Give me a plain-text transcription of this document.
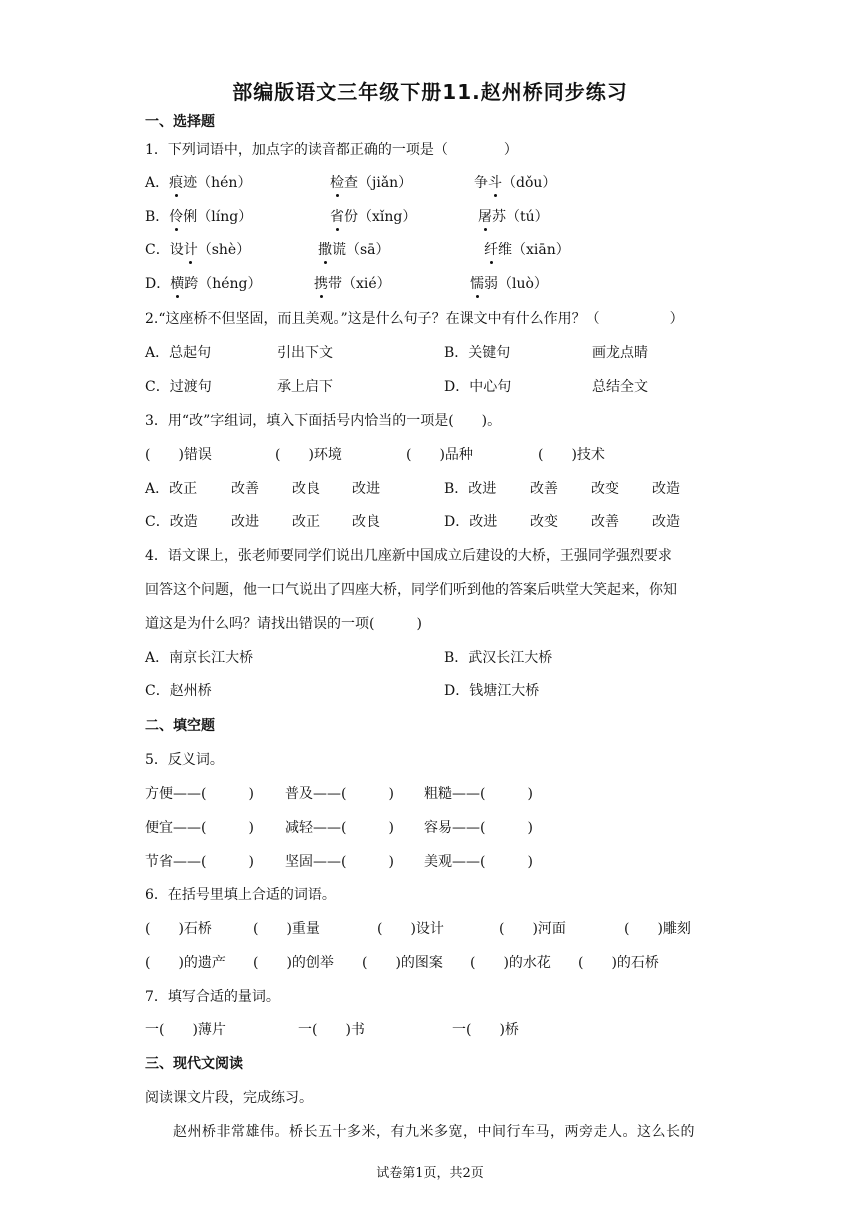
部编版语文三年级下册11.赵州桥同步练习
一、选择题
1．下列词语中，加点字的读音都正确的一项是（　　　　）
A．痕迹（hén）	检查（jiǎn）	争斗（dǒu）
B．伶俐（líng）	省份（xǐng）	屠苏（tú）
C．设计（shè）	撒谎（sā）	纤维（xiān）
D．横跨（héng）	携带（xié）	懦弱（luò）
2.“这座桥不但坚固，而且美观。”这是什么句子？在课文中有什么作用？（　　　　　）
A．总起句	引出下文	B．关键句	画龙点睛
C．过渡句	承上启下	D．中心句	总结全文
3．用“改”字组词，填入下面括号内恰当的一项是(　　)。
(　　)错误	(　　)环境	(　　)品种	(　　)技术
A．改正 改善 改良 改进	B．改进 改善 改变 改造
C．改造 改进 改正 改良	D．改进 改变 改善 改造
4．语文课上，张老师要同学们说出几座新中国成立后建设的大桥，王强同学强烈要求
回答这个问题，他一口气说出了四座大桥，同学们听到他的答案后哄堂大笑起来，你知
道这是为什么吗？请找出错误的一项(　　　)
A．南京长江大桥	B．武汉长江大桥
C．赵州桥	D．钱塘江大桥
二、填空题
5．反义词。
方便——(　　　) 普及——(　　　) 粗糙——(　　　)
便宜——(　　　) 减轻——(　　　) 容易——(　　　)
节省——(　　　) 坚固——(　　　) 美观——(　　　)
6．在括号里填上合适的词语。
(　　)石桥	(　　)重量	(　　)设计	(　　)河面	(　　)雕刻
(　　)的遗产 (　　)的创举 (　　)的图案 (　　)的水花 (　　)的石桥
7．填写合适的量词。
一(　　)薄片	一(　　)书	一(　　)桥
三、现代文阅读
阅读课文片段，完成练习。
赵州桥非常雄伟。桥长五十多米，有九米多宽，中间行车马，两旁走人。这么长的
试卷第1页，共2页
